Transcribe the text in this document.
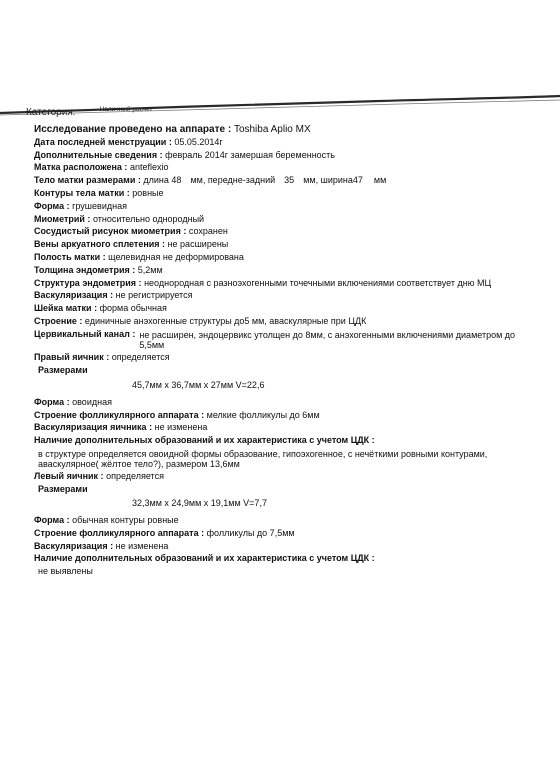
Категория:	Наличный расчет
Исследование проведено на аппарате : Toshiba Aplio MX
Дата последней менструации : 05.05.2014г
Дополнительные сведения : февраль 2014г замершая беременность
Матка расположена : anteflexio
Тело матки размерами : длина 48 мм, передне-задний 35 мм, ширина47 мм
Контуры тела матки : ровные
Форма : грушевидная
Миометрий : относительно однородный
Сосудистый рисунок миометрия : сохранен
Вены аркуатного сплетения : не расширены
Полость матки : щелевидная не деформирована
Толщина эндометрия : 5,2мм
Структура эндометрия : неоднородная с разноэхогенными точечными включениями соответствует дню МЦ
Васкуляризация : не регистрируется
Шейка матки : форма обычная
Строение : единичные анэхогенные структуры до5 мм, аваскулярные при ЦДК
Цервикальный канал : не расширен, эндоцервикс утолщен до 8мм, с анэхогенными включениями диаметром до 5,5мм
Правый яичник : определяется
Размерами
45,7мм х 36,7мм х 27мм V=22,6
Форма : овоидная
Строение фолликулярного аппарата : мелкие фолликулы до 6мм
Васкуляризация яичника : не изменена
Наличие дополнительных образований и их характеристика с учетом ЦДК :
в структуре определяется овоидной формы образование, гипоэхогенное, с нечёткими ровными контурами, аваскулярное( жёлтое тело?), размером 13,6мм
Левый яичник : определяется
Размерами
32,3мм х 24,9мм х 19,1мм V=7,7
Форма : обычная контуры ровные
Строение фолликулярного аппарата : фолликулы до 7,5мм
Васкуляризация : не изменена
Наличие дополнительных образований и их характеристика с учетом ЦДК :
не выявлены
